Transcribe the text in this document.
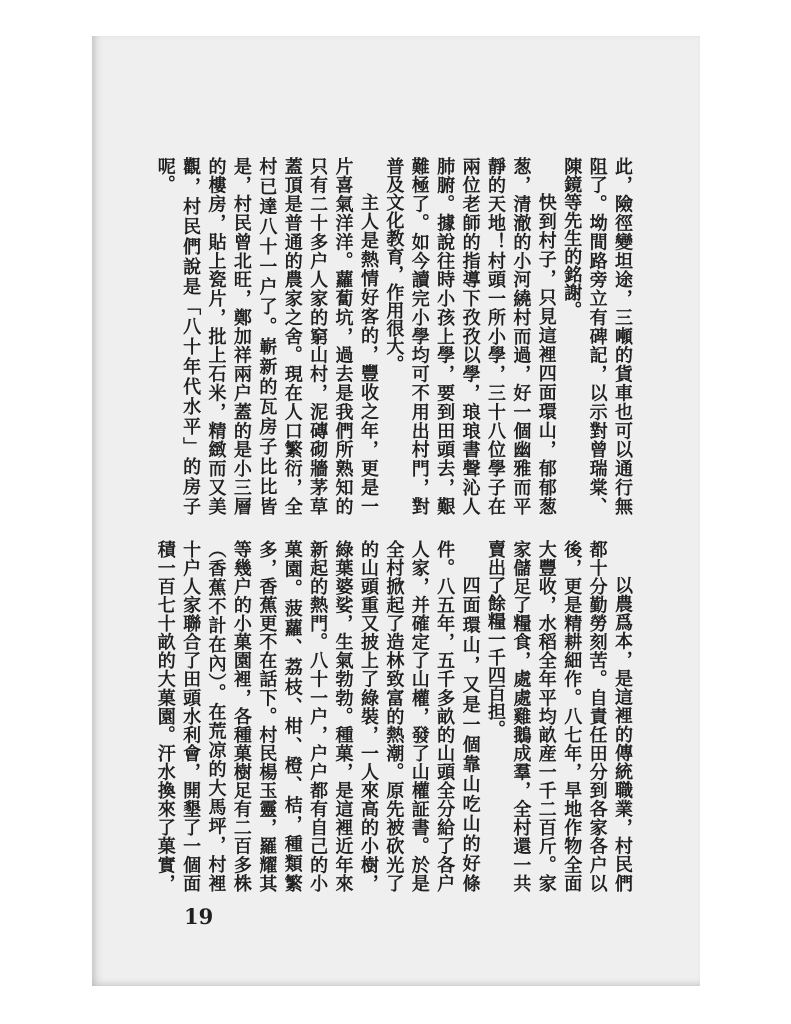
此，險徑變坦途，三噸的貨車也可以通行無
阻了。坳間路旁立有碑記，以示對曾瑞棠、
陳鏡等先生的銘謝。
快到村子，只見這裡四面環山，郁郁葱
葱，清澈的小河繞村而過，好一個幽雅而平
靜的天地！村頭一所小學，三十八位學子在
兩位老師的指導下孜孜以學，琅琅書聲沁人
肺腑。據說往時小孩上學，要到田頭去，艱
難極了。如今讀完小學均可不用出村門，對
普及文化教育，作用很大。
主人是熱情好客的，豐收之年，更是一
片喜氣洋洋。蘿蔔坑，過去是我們所熟知的
只有二十多户人家的窮山村，泥磚砌牆茅草
蓋頂是普通的農家之舍。現在人口繁衍，全
村已達八十一户了。嶄新的瓦房子比比皆
是，村民曾北旺，鄭加祥兩户蓋的是小三層
的樓房，貼上瓷片，批上石米，精緻而又美
觀，村民們說是「八十年代水平」的房子
呢。
以農爲本，是這裡的傳統職業，村民們
都十分勤勞刻苦。自責任田分到各家各户以
後，更是精耕細作。八七年，旱地作物全面
大豐收，水稻全年平均畝産一千二百斤。家
家儲足了糧食，處處雞鵝成羣，全村還一共
賣出了餘糧一千四百担。
四面環山，又是一個靠山吃山的好條
件。八五年，五千多畝的山頭全分給了各户
人家，并確定了山權，發了山權証書。於是
全村掀起了造林致富的熱潮。原先被砍光了
的山頭重又披上了綠裝，一人來高的小樹，
綠葉婆娑，生氣勃勃。種菓，是這裡近年來
新起的熱門。八十一户，户户都有自己的小
菓園。菠蘿、荔枝、柑、橙、桔，種類繁
多，香蕉更不在話下。村民楊玉靈，羅耀其
等幾户的小菓園裡，各種菓樹足有二百多株
（香蕉不計在內）。在荒凉的大馬坪，村裡
十户人家聯合了田頭水利會，開墾了一個面
積一百七十畝的大菓園。汗水換來了菓實，
19
